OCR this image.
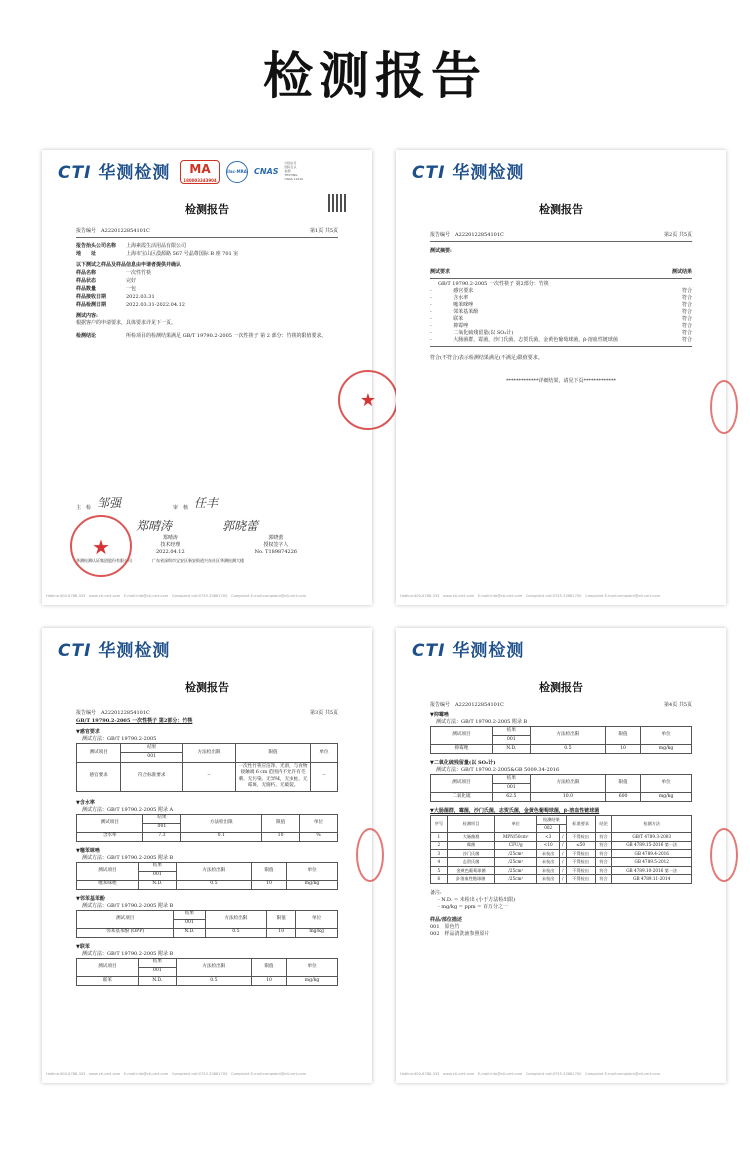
检测报告
CTI 华测检测	MA
180003343904
ilac-MRA CNAS
中国认可
国际互认
检测
TESTING
CNAS L1910
检测报告
报告编号　 A2220122854101C	第1页 共5页
报告抬头公司名称	上海素霞生活用品有限公司
地　　址	上海市宝山区漠源路 567 号晶尊国际 B 座 701 室
以下测试之样品及样品信息由申请者提供并确认
样品名称	一次性竹筷
样品状态	完好
样品数量	一包
样品接收日期	2022.03.31
样品检测日期	2022.03.31-2022.04.12
测试内容:
根据客户的申请要求，具体要求详见下一页。
检测结论	所检项目的检测结果满足 GB/T 19790.2-2005 一次性筷子 第 2 部分：竹筷的限值要求。
★
主　检 邹强	审　核 任丰
郑晴涛	郭晓蕾
郑晴涛
技术经理
2022.04.12
郭晓蕾
授权签字人
No. T189874226
华测检测认证集团股份有限公司	广东省深圳市宝安区新安街道兴东社区华测检测大楼
★
Hotline:400-6788-333　www.cti-cert.com　E-mail:info@cti-cert.com　Complaint call:0755-33681700　Complaint E-mail:complaint@cti-cert.com
CTI 华测检测
检测报告
报告编号　 A2220122854101C	第2页 共5页
测试摘要:
测试要求	测试结果
GB/T 19790.2-2005 一次性筷子 第2部分：竹筷
-	感官要求	符合
-	含水率	符合
-	噻苯咪唑	符合
-	邻苯基苯酚	符合
-	联苯	符合
-	抑霉唑	符合
-	二氧化硫残留量(以 SO₂计)	符合
-	大肠菌群，霉菌，沙门氏菌，志贺氏菌，金黄色葡萄球菌，β-溶血性链球菌	符合
符合(不符合)表示检测结果满足(不满足)限值要求。
*************详细结果，请见下页*************
Hotline:400-6788-333　www.cti-cert.com　E-mail:info@cti-cert.com　Complaint call:0755-33681700　Complaint E-mail:complaint@cti-cert.com
CTI 华测检测
检测报告
报告编号　 A2220122854101C	第3页 共5页
GB/T 19790.2-2005 一次性筷子 第2部分：竹筷
▼感官要求
测试方法：GB/T 19790.2-2005
测试项目	结果	方法检出限	限值	单位
	001			
感官要求	符合标准要求	--	一次性竹筷应洁净、光滑，与食物接触端 6 cm 范围内不允许有毛刺、无污染、无异味，无虫蛀、无霉斑，无腐朽、无破裂。	--
▼含水率
测试方法：GB/T 19790.2-2005 附录 A
测试项目	结果	方法检出限	限值	单位
	001			
含水率	7.3	0.1	10	%
▼噻苯咪唑
测试方法：GB/T 19790.2-2005 附录 B
测试项目	结果	方法检出限	限值	单位
	001			
噻苯咪唑	N.D.	0.5	10	mg/kg
▼邻苯基苯酚
测试方法：GB/T 19790.2-2005 附录 B
测试项目	结果	方法检出限	限值	单位
	001			
邻苯基苯酚 (OPP)	N.D.	0.5	10	mg/kg
▼联苯
测试方法：GB/T 19790.2-2005 附录 B
测试项目	结果	方法检出限	限值	单位
	001			
联苯	N.D.	0.5	10	mg/kg
Hotline:400-6788-333　www.cti-cert.com　E-mail:info@cti-cert.com　Complaint call:0755-33681700　Complaint E-mail:complaint@cti-cert.com
CTI 华测检测
检测报告
报告编号　 A2220122854101C	第4页 共5页
▼抑霉唑
测试方法：GB/T 19790.2-2005 附录 B
测试项目	结果	方法检出限	限值	单位
	001			
抑霉唑	N.D.	0.5	10	mg/kg
▼二氧化硫残留量(以 SO₂计)
测试方法：GB/T 19790.2-2005&GB 5009.34-2016
测试项目	结果	方法检出限	限值	单位
	001			
二氧化硫	62.5	10.0	600	mg/kg
▼大肠菌群，霉菌，沙门氏菌，志贺氏菌，金黄色葡萄球菌，β-溶血性链球菌
序号	检测项目	单位	检测结果		标准要求	结论	检测方法
			002				
1	大肠菌群	MPN/50cm²	<3	/	不得检出	符合	GB/T 4789.3-2003
2	霉菌	CFU/g	<10	/	≤50	符合	GB 4789.15-2016 第一法
3	沙门氏菌	/25cm²	未检出	/	不得检出	符合	GB 4789.4-2016
4	志贺氏菌	/25cm²	未检出	/	不得检出	符合	GB 4789.5-2012
5	金黄色葡萄球菌	/25cm²	未检出	/	不得检出	符合	GB 4789.10-2016 第一法
6	β-溶血性链球菌	/25cm²	未检出	/	不得检出	符合	GB 4789.11-2014
备注:
- N.D. = 未检出 (小于方法检出限)
- mg/kg = ppm = 百万分之一
样品/部位描述
001　原色竹
002　样品清洗液参照原片
Hotline:400-6788-333　www.cti-cert.com　E-mail:info@cti-cert.com　Complaint call:0755-33681700　Complaint E-mail:complaint@cti-cert.com
